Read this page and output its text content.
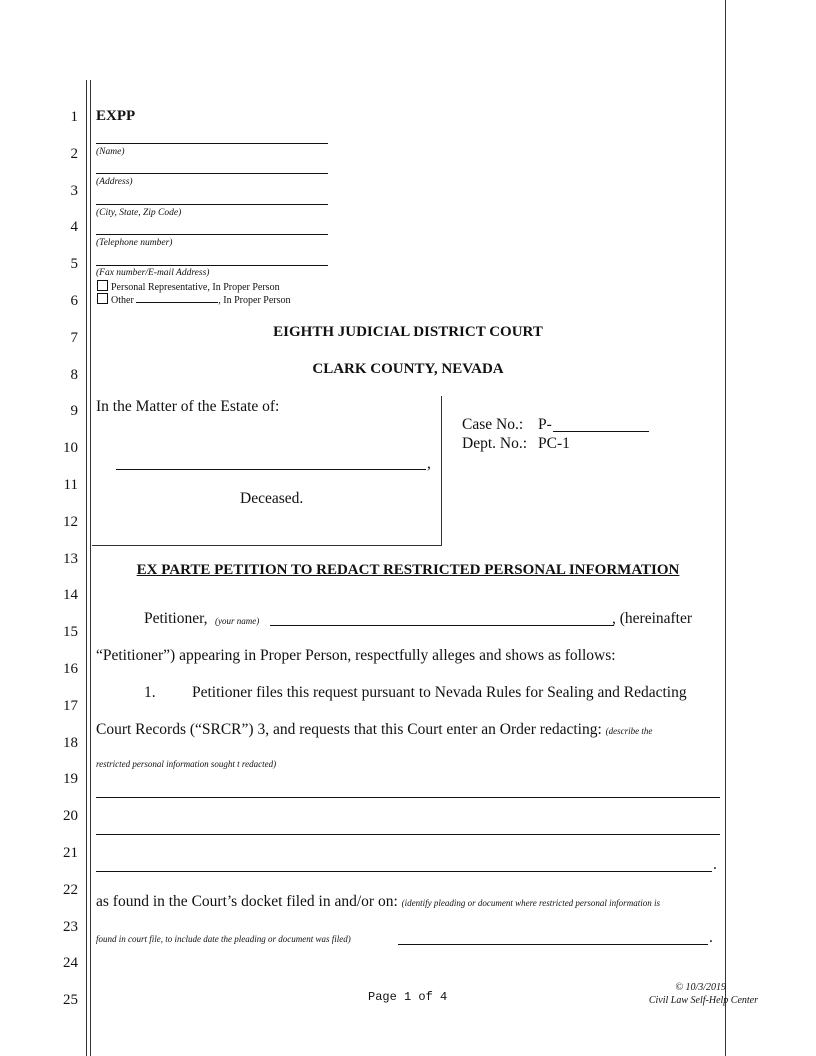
1
2
3
4
5
6
7
8
9
10
11
12
13
14
15
16
17
18
19
20
21
22
23
24
25
EXPP
(Name)
(Address)
(City, State, Zip Code)
(Telephone number)
(Fax number/E-mail Address)
Personal Representative, In Proper Person
Other	, In Proper Person
EIGHTH JUDICIAL DISTRICT COURT
CLARK COUNTY, NEVADA
In the Matter of the Estate of:
,
Deceased.
Case No.: P-
Dept. No.: PC-1
EX PARTE PETITION TO REDACT RESTRICTED PERSONAL INFORMATION
Petitioner, (your name)	, (hereinafter
“Petitioner”) appearing in Proper Person, respectfully alleges and shows as follows:
1. Petitioner files this request pursuant to Nevada Rules for Sealing and Redacting
Court Records (“SRCR”) 3, and requests that this Court enter an Order redacting: (describe the
restricted personal information sought t redacted)
.
as found in the Court’s docket filed in and/or on: (identify pleading or document where restricted personal information is
found in court file, to include date the pleading or document was filed)	.
Page 1 of 4
© 10/3/2019
Civil Law Self-Help Center
